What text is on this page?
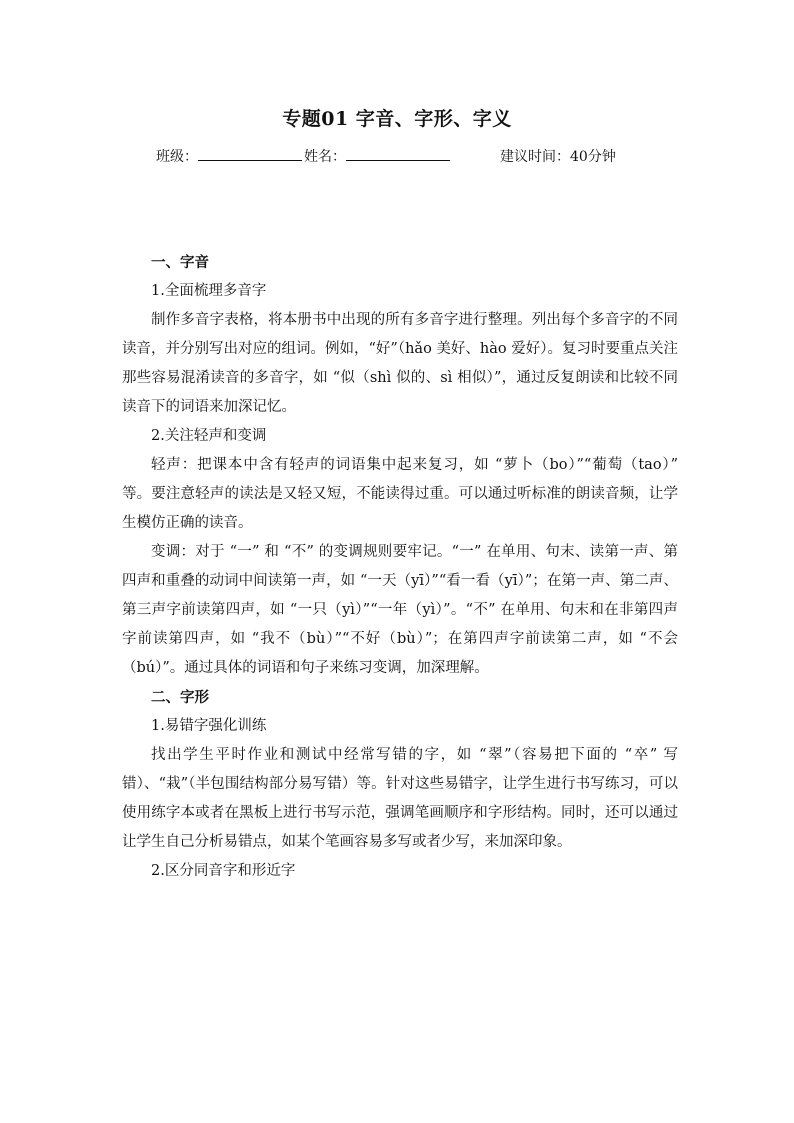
专题01 字音、字形、字义
班级：	姓名：	建议时间：40分钟

一、字音

1.全面梳理多音字

制作多音字表格，将本册书中出现的所有多音字进行整理。列出每个多音字的不同读音，并分别写出对应的组词。例如，“好”（hǎo 美好、hào 爱好）。复习时要重点关注那些容易混淆读音的多音字，如 “似（shì 似的、sì 相似）”，通过反复朗读和比较不同读音下的词语来加深记忆。

2.关注轻声和变调

轻声：把课本中含有轻声的词语集中起来复习，如 “萝卜（bo）”“葡萄（tao）” 等。要注意轻声的读法是又轻又短，不能读得过重。可以通过听标准的朗读音频，让学生模仿正确的读音。

变调：对于 “一” 和 “不” 的变调规则要牢记。“一” 在单用、句末、读第一声、第四声和重叠的动词中间读第一声，如 “一天（yī）”“看一看（yī）”；在第一声、第二声、第三声字前读第四声，如 “一只（yì）”“一年（yì）”。“不” 在单用、句末和在非第四声字前读第四声，如 “我不（bù）”“不好（bù）”；在第四声字前读第二声，如 “不会（bú）”。通过具体的词语和句子来练习变调，加深理解。

二、字形

1.易错字强化训练

找出学生平时作业和测试中经常写错的字，如 “翠”（容易把下面的 “卒” 写错）、“栽”（半包围结构部分易写错）等。针对这些易错字，让学生进行书写练习，可以使用练字本或者在黑板上进行书写示范，强调笔画顺序和字形结构。同时，还可以通过让学生自己分析易错点，如某个笔画容易多写或者少写，来加深印象。

2.区分同音字和形近字
